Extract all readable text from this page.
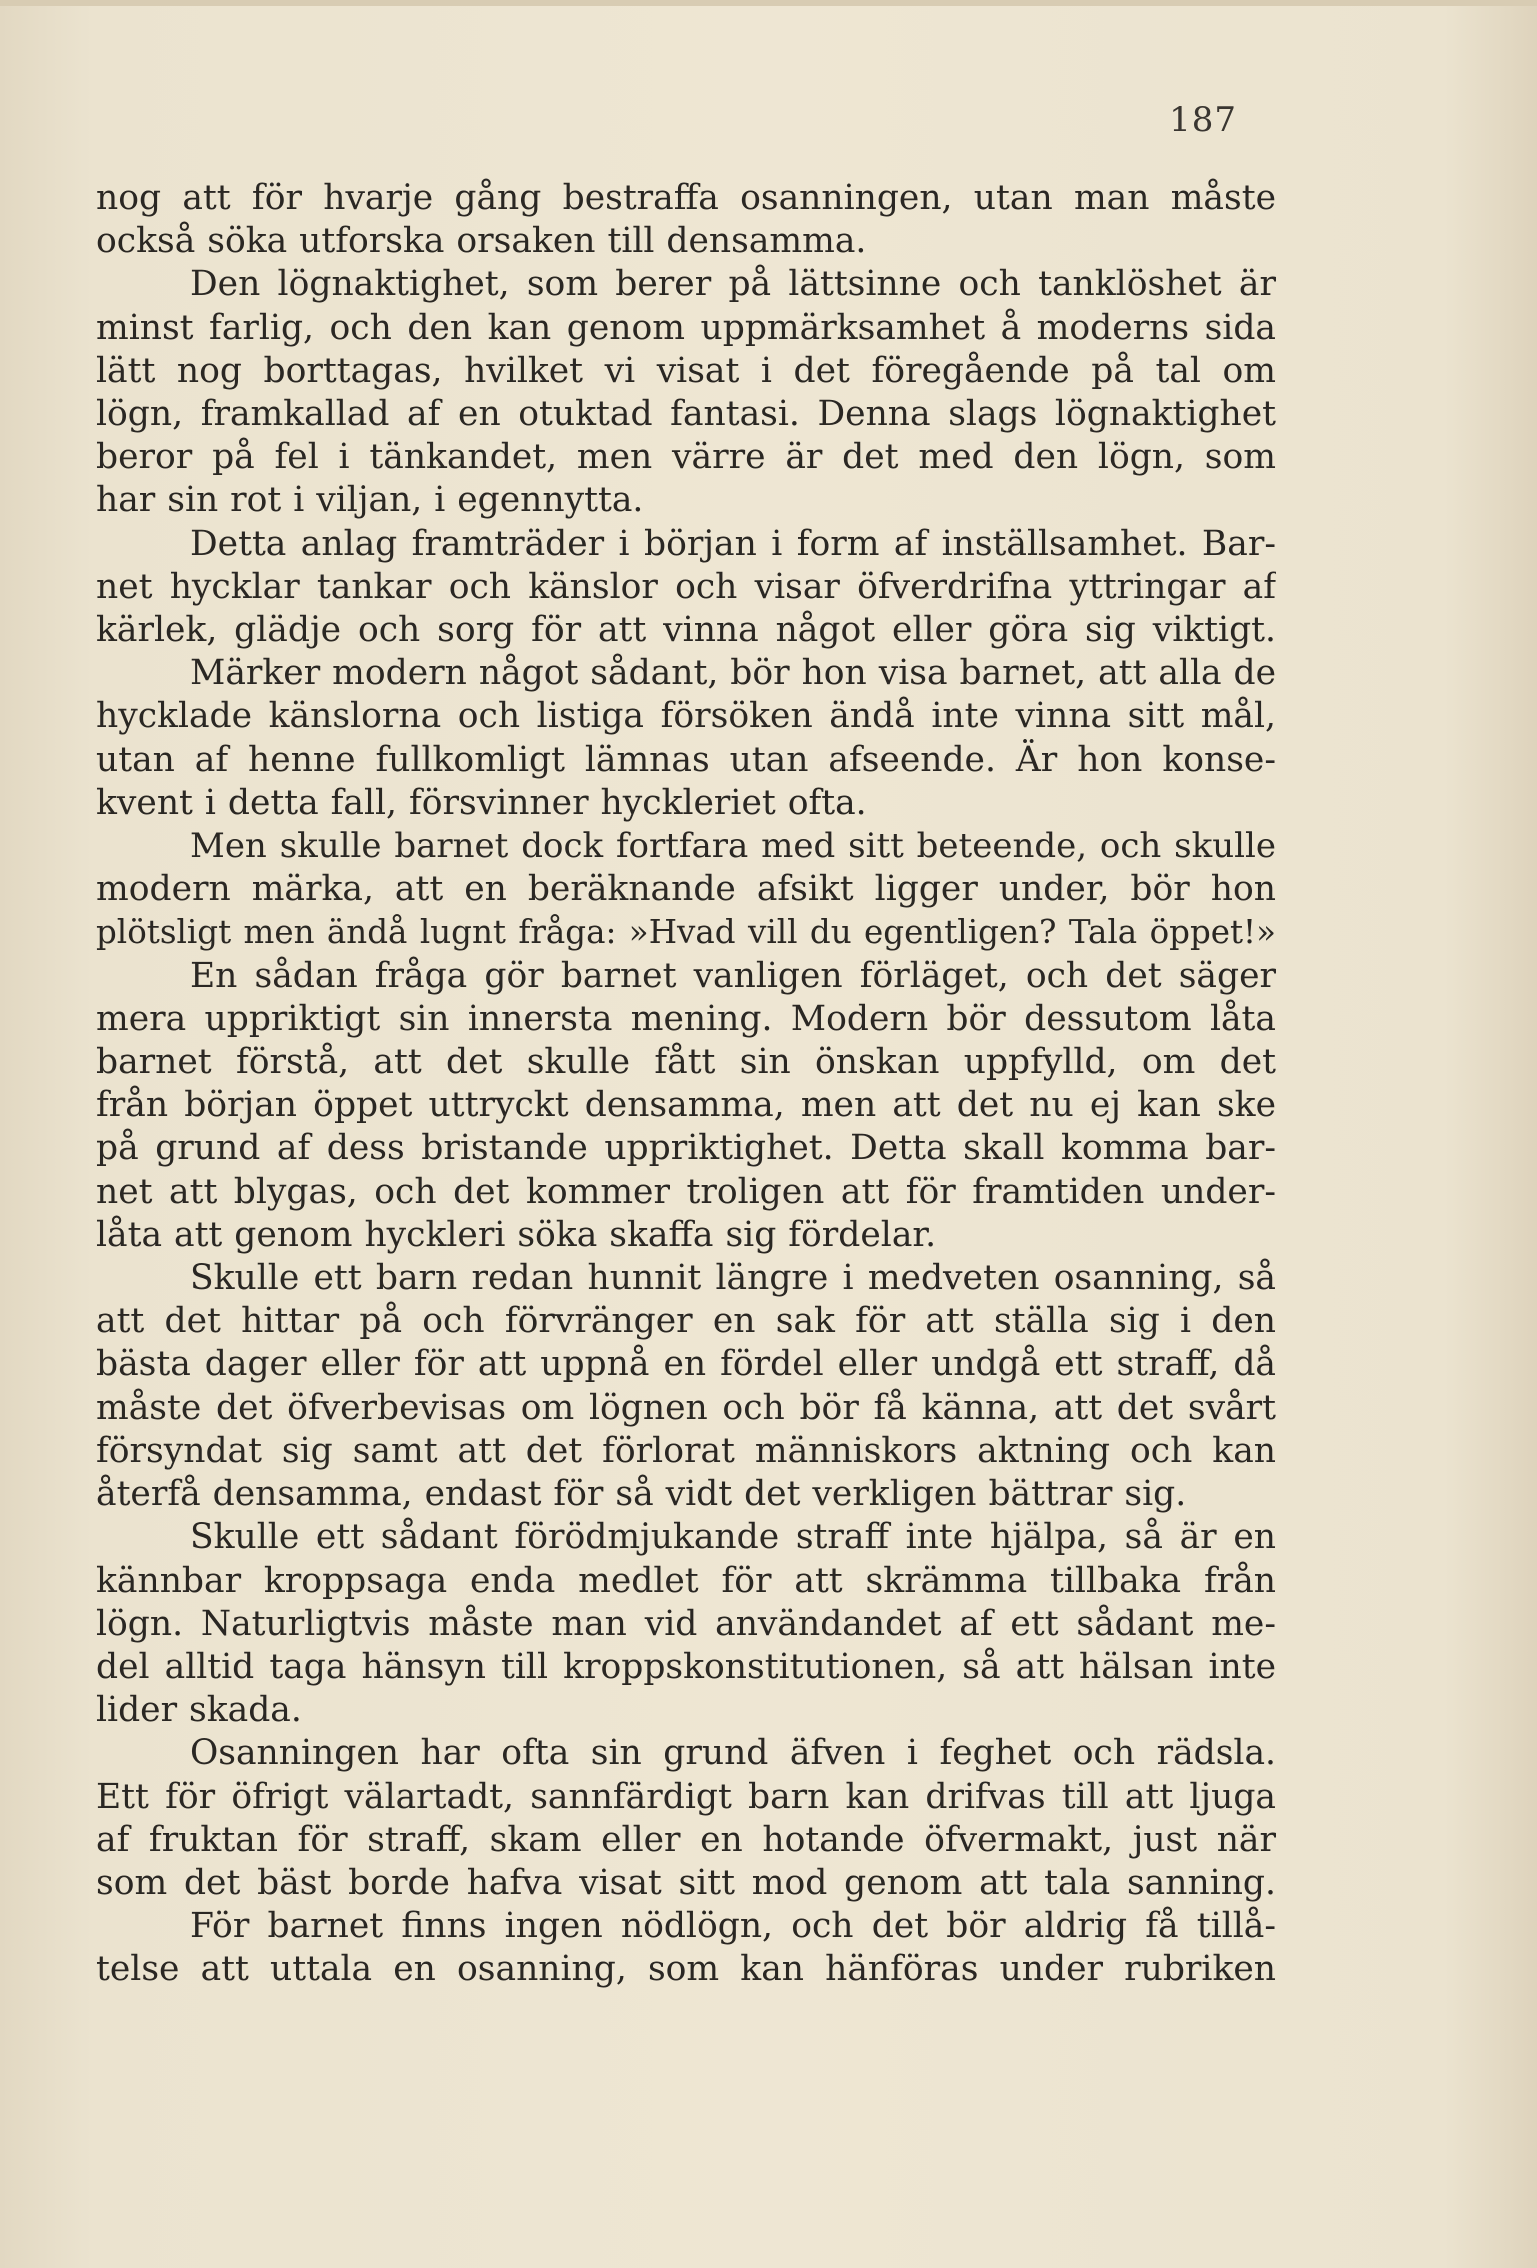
187
nog att för hvarje gång bestraffa osanningen, utan man måste
också söka utforska orsaken till densamma.
Den lögnaktighet, som berer på lättsinne och tanklöshet är
minst farlig, och den kan genom uppmärksamhet å moderns sida
lätt nog borttagas, hvilket vi visat i det föregående på tal om
lögn, framkallad af en otuktad fantasi. Denna slags lögnaktighet
beror på fel i tänkandet, men värre är det med den lögn, som
har sin rot i viljan, i egennytta.
Detta anlag framträder i början i form af inställsamhet. Bar-
net hycklar tankar och känslor och visar öfverdrifna yttringar af
kärlek, glädje och sorg för att vinna något eller göra sig viktigt.
Märker modern något sådant, bör hon visa barnet, att alla de
hycklade känslorna och listiga försöken ändå inte vinna sitt mål,
utan af henne fullkomligt lämnas utan afseende. Är hon konse-
kvent i detta fall, försvinner hyckleriet ofta.
Men skulle barnet dock fortfara med sitt beteende, och skulle
modern märka, att en beräknande afsikt ligger under, bör hon
plötsligt men ändå lugnt fråga: »Hvad vill du egentligen? Tala öppet!»
En sådan fråga gör barnet vanligen förläget, och det säger
mera uppriktigt sin innersta mening. Modern bör dessutom låta
barnet förstå, att det skulle fått sin önskan uppfylld, om det
från början öppet uttryckt densamma, men att det nu ej kan ske
på grund af dess bristande uppriktighet. Detta skall komma bar-
net att blygas, och det kommer troligen att för framtiden under-
låta att genom hyckleri söka skaffa sig fördelar.
Skulle ett barn redan hunnit längre i medveten osanning, så
att det hittar på och förvränger en sak för att ställa sig i den
bästa dager eller för att uppnå en fördel eller undgå ett straff, då
måste det öfverbevisas om lögnen och bör få känna, att det svårt
försyndat sig samt att det förlorat människors aktning och kan
återfå densamma, endast för så vidt det verkligen bättrar sig.
Skulle ett sådant förödmjukande straff inte hjälpa, så är en
kännbar kroppsaga enda medlet för att skrämma tillbaka från
lögn. Naturligtvis måste man vid användandet af ett sådant me-
del alltid taga hänsyn till kroppskonstitutionen, så att hälsan inte
lider skada.
Osanningen har ofta sin grund äfven i feghet och rädsla.
Ett för öfrigt välartadt, sannfärdigt barn kan drifvas till att ljuga
af fruktan för straff, skam eller en hotande öfvermakt, just när
som det bäst borde hafva visat sitt mod genom att tala sanning.
För barnet finns ingen nödlögn, och det bör aldrig få tillå-
telse att uttala en osanning, som kan hänföras under rubriken
